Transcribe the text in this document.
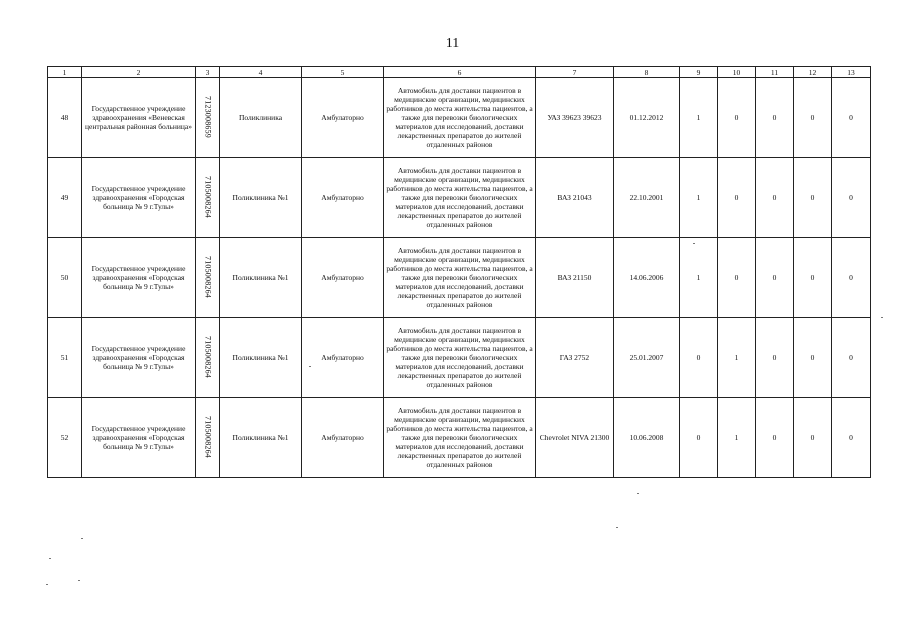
11
1	2	3	4	5	6	7	8	9	10	11	12	13
48	Государственное учреждение здравоохранения «Веневская центральная районная больница»	7123008659	Поликлиника	Амбулаторно	Автомобиль для доставки пациентов в медицинские организации, медицинских работников до места жительства пациентов, а также для перевозки биологических материалов для исследований, доставки лекарственных препаратов до жителей отдаленных районов	УАЗ 39623 39623	01.12.2012	1	0	0	0	0
49	Государственное учреждение здравоохранения «Городская больница № 9 г.Тулы»	7105008264	Поликлиника №1	Амбулаторно	Автомобиль для доставки пациентов в медицинские организации, медицинских работников до места жительства пациентов, а также для перевозки биологических материалов для исследований, доставки лекарственных препаратов до жителей отдаленных районов	ВАЗ 21043	22.10.2001	1	0	0	0	0
50	Государственное учреждение здравоохранения «Городская больница № 9 г.Тулы»	7105008264	Поликлиника №1	Амбулаторно	Автомобиль для доставки пациентов в медицинские организации, медицинских работников до места жительства пациентов, а также для перевозки биологических материалов для исследований, доставки лекарственных препаратов до жителей отдаленных районов	ВАЗ 21150	14.06.2006	1	0	0	0	0
51	Государственное учреждение здравоохранения «Городская больница № 9 г.Тулы»	7105008264	Поликлиника №1	Амбулаторно	Автомобиль для доставки пациентов в медицинские организации, медицинских работников до места жительства пациентов, а также для перевозки биологических материалов для исследований, доставки лекарственных препаратов до жителей отдаленных районов	ГАЗ 2752	25.01.2007	0	1	0	0	0
52	Государственное учреждение здравоохранения «Городская больница № 9 г.Тулы»	7105008264	Поликлиника №1	Амбулаторно	Автомобиль для доставки пациентов в медицинские организации, медицинских работников до места жительства пациентов, а также для перевозки биологических материалов для исследований, доставки лекарственных препаратов до жителей отдаленных районов	Chevrolet NIVA 21300	10.06.2008	0	1	0	0	0
